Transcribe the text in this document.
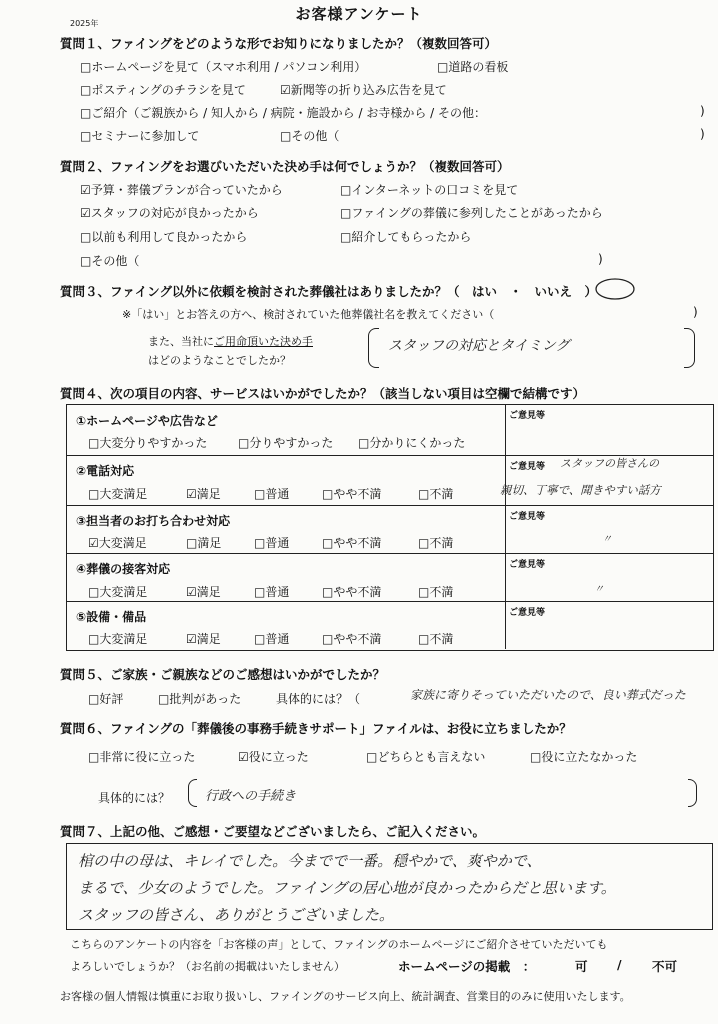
2025年
お客様アンケート
質問１、ファイングをどのような形でお知りになりましたか？（複数回答可）
□ホームページを見て（スマホ利用 / パソコン利用）	□道路の看板
□ポスティングのチラシを見て	☑新聞等の折り込み広告を見て
□ご紹介（ご親族から / 知人から / 病院・施設から / お寺様から / その他：	)
□セミナーに参加して	□その他（	)
質問２、ファイングをお選びいただいた決め手は何でしょうか？（複数回答可）
☑予算・葬儀プランが合っていたから	□インターネットの口コミを見て
☑スタッフの対応が良かったから	□ファイングの葬儀に参列したことがあったから
□以前も利用して良かったから	□紹介してもらったから
□その他（	)
質問３、ファイング以外に依頼を検討された葬儀社はありましたか？（　はい　・　いいえ　）
※「はい」とお答えの方へ、検討されていた他葬儀社名を教えてください（	)
また、当社にご用命頂いた決め手
はどのようなことでしたか？
スタッフの対応とタイミング
質問４、次の項目の内容、サービスはいかがでしたか？（該当しない項目は空欄で結構です）
①ホームページや広告など
□大変分りやすかった	□分りやすかった □分かりにくかった
ご意見等
②電話対応
□大変満足	☑満足	□普通	□やや不満	□不満
ご意見等 スタッフの皆さんの
親切、丁寧で、聞きやすい話方
③担当者のお打ち合わせ対応
☑大変満足	□満足	□普通	□やや不満	□不満
ご意見等
〃
④葬儀の接客対応
□大変満足	☑満足	□普通	□やや不満	□不満
ご意見等
〃
⑤設備・備品
□大変満足	☑満足	□普通	□やや不満	□不満
ご意見等
質問５、ご家族・ご親族などのご感想はいかがでしたか？
□好評	□批判があった	具体的には？（	家族に寄りそっていただいたので、良い葬式だった
質問６、ファイングの「葬儀後の事務手続きサポート」ファイルは、お役に立ちましたか？
□非常に役に立った	☑役に立った	□どちらとも言えない	□役に立たなかった
具体的には？	行政への手続き
質問７、上記の他、ご感想・ご要望などございましたら、ご記入ください。
棺の中の母は、キレイでした。今までで一番。穏やかで、爽やかで、
まるで、少女のようでした。ファイングの居心地が良かったからだと思います。
スタッフの皆さん、ありがとうございました。
こちらのアンケートの内容を「お客様の声」として、ファイングのホームページにご紹介させていただいても
よろしいでしょうか？（お名前の掲載はいたしません）	ホームページの掲載　：	可 / 不可
お客様の個人情報は慎重にお取り扱いし、ファイングのサービス向上、統計調査、営業目的のみに使用いたします。
